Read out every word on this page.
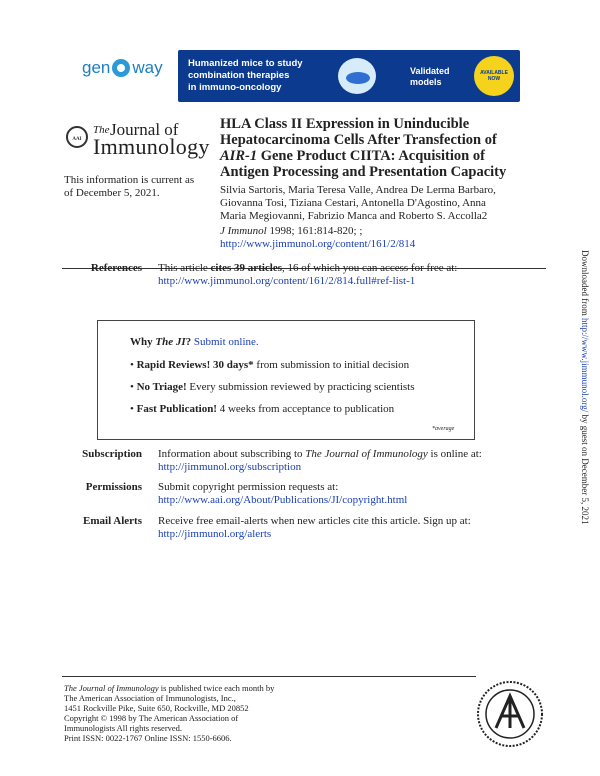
gen way	Humanized mice to study
combination therapies
in immuno-oncology
Validated
models
AVAILABLE
NOW
AAI
The Journal of
Immunology
HLA Class II Expression in Uninducible
Hepatocarcinoma Cells After Transfection of
AIR-1 Gene Product CIITA: Acquisition of
Antigen Processing and Presentation Capacity
This information is current as
of December 5, 2021.	Silvia Sartoris, Maria Teresa Valle, Andrea De Lerma Barbaro,
Giovanna Tosi, Tiziana Cestari, Antonella D'Agostino, Anna
Maria Megiovanni, Fabrizio Manca and Roberto S. Accolla2
J Immunol 1998; 161:814-820; ;
http://www.jimmunol.org/content/161/2/814
References This article cites 39 articles, 16 of which you can access for free at:
http://www.jimmunol.org/content/161/2/814.full#ref-list-1
Why The JI? Submit online.
• Rapid Reviews! 30 days* from submission to initial decision
• No Triage! Every submission reviewed by practicing scientists
• Fast Publication! 4 weeks from acceptance to publication
*average
Subscription Information about subscribing to The Journal of Immunology is online at:
http://jimmunol.org/subscription
Permissions Submit copyright permission requests at:
http://www.aai.org/About/Publications/JI/copyright.html
Email Alerts Receive free email-alerts when new articles cite this article. Sign up at:
http://jimmunol.org/alerts
The Journal of Immunology is published twice each month by
The American Association of Immunologists, Inc.,
1451 Rockville Pike, Suite 650, Rockville, MD 20852
Copyright © 1998 by The American Association of
Immunologists All rights reserved.
Print ISSN: 0022-1767 Online ISSN: 1550-6606.
Downloaded from http://www.jimmunol.org/ by guest on December 5, 2021
